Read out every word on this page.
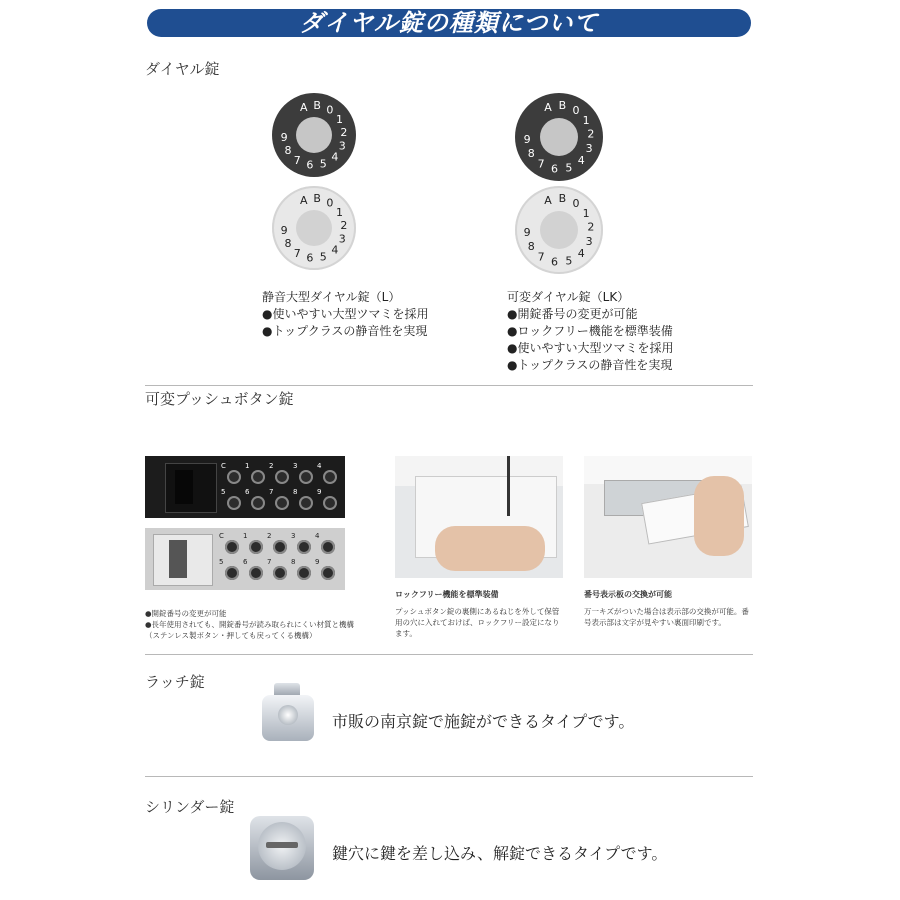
ダイヤル錠の種類について
ダイヤル錠
A B 0
1
2
3
4
5
6
7
8
9
A B 0
1
2
3
4
5
6
7
8
9
A B 0
1
2
3
4
5
6
7
8
9
A B 0
1
2
3
4
5
6
7
8
9
静音大型ダイヤル錠（L）
● 使いやすい大型ツマミを採用
● トップクラスの静音性を実現
可変ダイヤル錠（LK）
● 開錠番号の変更が可能
● ロックフリー機能を標準装備
● 使いやすい大型ツマミを採用
● トップクラスの静音性を実現
可変プッシュボタン錠
C	1	2	3	4
5	6	7	8	9
C	1	2	3	4
5	6	7	8	9
●開錠番号の変更が可能
●長年使用されても、開錠番号が読み取られにくい材質と機構（ステンレス製ボタン・押しても戻ってくる機構）
ロックフリー機能を標準装備
プッシュボタン錠の裏側にあるねじを外して保管用の穴に入れておけば、ロックフリー設定になります。
番号表示板の交換が可能
万一キズがついた場合は表示部の交換が可能。番号表示部は文字が見やすい裏面印刷です。
ラッチ錠
市販の南京錠で施錠ができるタイプです。
シリンダー錠
鍵穴に鍵を差し込み、解錠できるタイプです。
